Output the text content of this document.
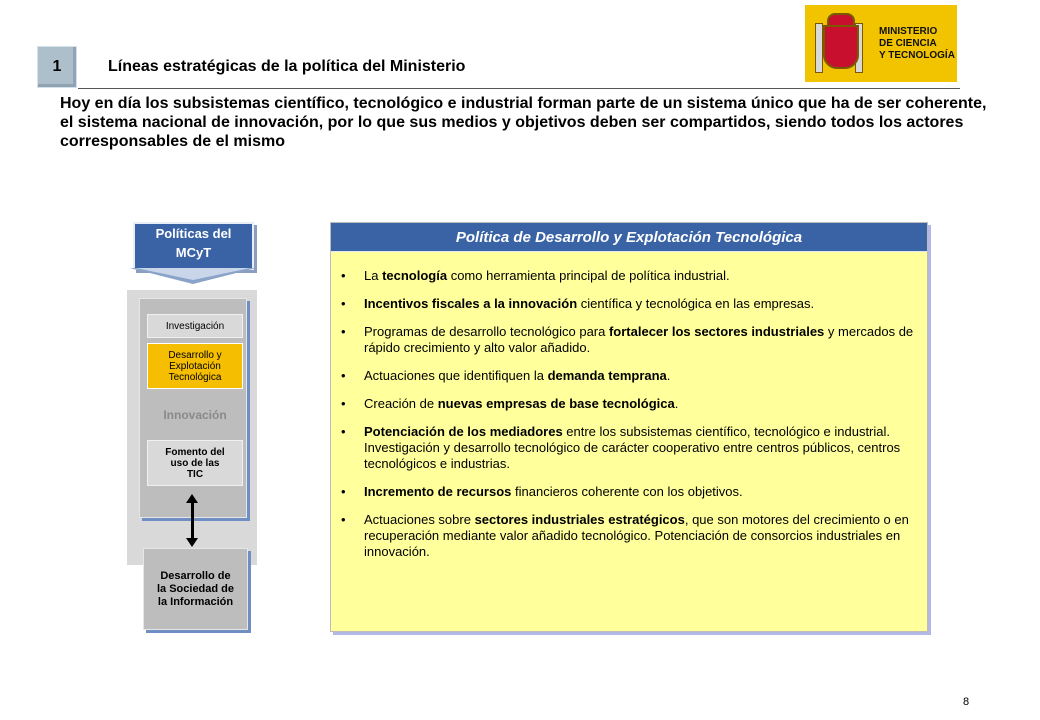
1	Líneas estratégicas de la política del Ministerio
MINISTERIO
DE CIENCIA
Y TECNOLOGÍA
Hoy en día los subsistemas científico, tecnológico e industrial forman parte de un sistema único que ha de ser coherente, el sistema nacional de innovación, por lo que sus medios y objetivos deben ser compartidos, siendo todos los actores corresponsables de el mismo
Políticas del
MCyT
Investigación
Desarrollo y
Explotación
Tecnológica
Innovación
Fomento del
uso de las
TIC
Desarrollo de
la Sociedad de
la Información
Política de Desarrollo y Explotación Tecnológica
• La tecnología como herramienta principal de política industrial.
• Incentivos fiscales a la innovación científica y tecnológica en las empresas.
• Programas de desarrollo tecnológico para fortalecer los sectores industriales y mercados de rápido crecimiento y alto valor añadido.
• Actuaciones que identifiquen la demanda temprana.
• Creación de nuevas empresas de base tecnológica.
• Potenciación de los mediadores entre los subsistemas científico, tecnológico e industrial. Investigación y desarrollo tecnológico de carácter cooperativo entre centros públicos, centros tecnológicos e industrias.
• Incremento de recursos financieros coherente con los objetivos.
• Actuaciones sobre sectores industriales estratégicos, que son motores del crecimiento o en recuperación mediante valor añadido tecnológico. Potenciación de consorcios industriales en innovación.
8
